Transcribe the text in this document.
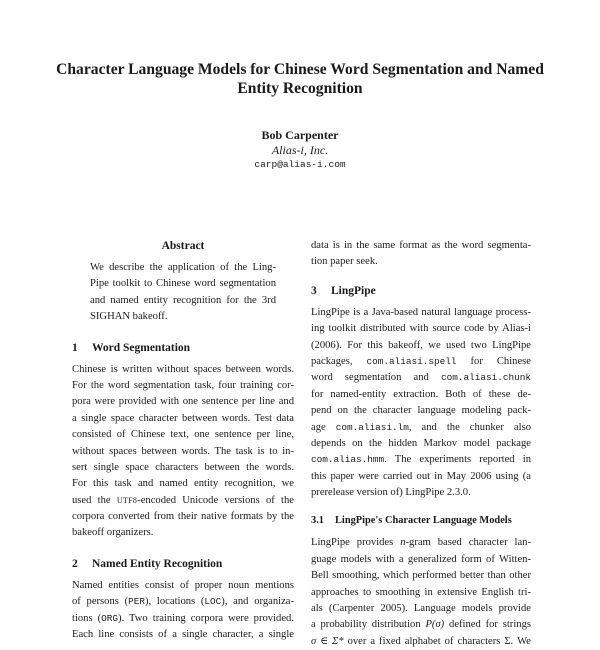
Character Language Models for Chinese Word Segmentation and Named
Entity Recognition
Bob Carpenter
Alias-i, Inc.
carp@alias-i.com
Abstract
We describe the application of the Ling-
Pipe toolkit to Chinese word segmentation
and named entity recognition for the 3rd
SIGHAN bakeoff.
1 Word Segmentation
Chinese is written without spaces between words.
For the word segmentation task, four training cor-
pora were provided with one sentence per line and
a single space character between words. Test data
consisted of Chinese text, one sentence per line,
without spaces between words. The task is to in-
sert single space characters between the words.
For this task and named entity recognition, we
used the UTF8-encoded Unicode versions of the
corpora converted from their native formats by the
bakeoff organizers.
2 Named Entity Recognition
Named entities consist of proper noun mentions
of persons (PER), locations (LOC), and organiza-
tions (ORG). Two training corpora were provided.
Each line consists of a single character, a single
data is in the same format as the word segmenta-
tion paper seek.
3 LingPipe
LingPipe is a Java-based natural language process-
ing toolkit distributed with source code by Alias-i
(2006). For this bakeoff, we used two LingPipe
packages, com.aliasi.spell for Chinese
word segmentation and com.aliasi.chunk
for named-entity extraction. Both of these de-
pend on the character language modeling pack-
age com.aliasi.lm, and the chunker also
depends on the hidden Markov model package
com.alias.hmm. The experiments reported in
this paper were carried out in May 2006 using (a
prerelease version of) LingPipe 2.3.0.
3.1 LingPipe's Character Language Models
LingPipe provides n-gram based character lan-
guage models with a generalized form of Witten-
Bell smoothing, which performed better than other
approaches to smoothing in extensive English tri-
als (Carpenter 2005). Language models provide
a probability distribution P(σ) defined for strings
σ ∈ Σ* over a fixed alphabet of characters Σ. We
